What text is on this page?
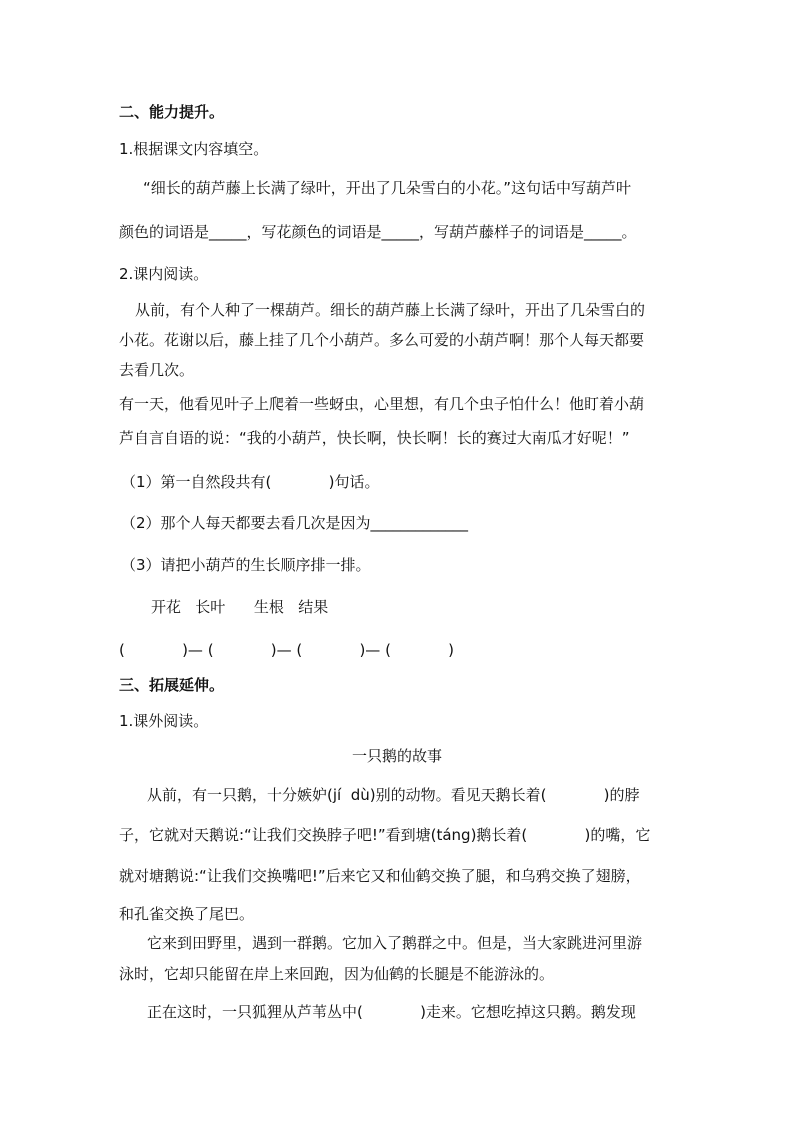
二、能力提升。
1.根据课文内容填空。
“细长的葫芦藤上长满了绿叶，开出了几朵雪白的小花。”这句话中写葫芦叶
颜色的词语是_____，写花颜色的词语是_____，写葫芦藤样子的词语是_____。
2.课内阅读。
从前，有个人种了一棵葫芦。细长的葫芦藤上长满了绿叶，开出了几朵雪白的
小花。花谢以后，藤上挂了几个小葫芦。多么可爱的小葫芦啊！那个人每天都要
去看几次。
有一天，他看见叶子上爬着一些蚜虫，心里想，有几个虫子怕什么！他盯着小葫
芦自言自语的说：“我的小葫芦，快长啊，快长啊！长的赛过大南瓜才好呢！”
（1）第一自然段共有(            )句话。
（2）那个人每天都要去看几次是因为_____________
（3）请把小葫芦的生长顺序排一排。
开花   长叶      生根   结果
(            )— (            )— (            )— (            )
三、拓展延伸。
1.课外阅读。
一只鹅的故事
从前，有一只鹅，十分嫉妒(jí  dù)别的动物。看见天鹅长着(            )的脖
子，它就对天鹅说:“让我们交换脖子吧!”看到塘(táng)鹅长着(            )的嘴，它
就对塘鹅说:“让我们交换嘴吧!”后来它又和仙鹤交换了腿，和乌鸦交换了翅膀，
和孔雀交换了尾巴。
它来到田野里，遇到一群鹅。它加入了鹅群之中。但是，当大家跳进河里游
泳时，它却只能留在岸上来回跑，因为仙鹤的长腿是不能游泳的。
正在这时，一只狐狸从芦苇丛中(            )走来。它想吃掉这只鹅。鹅发现
